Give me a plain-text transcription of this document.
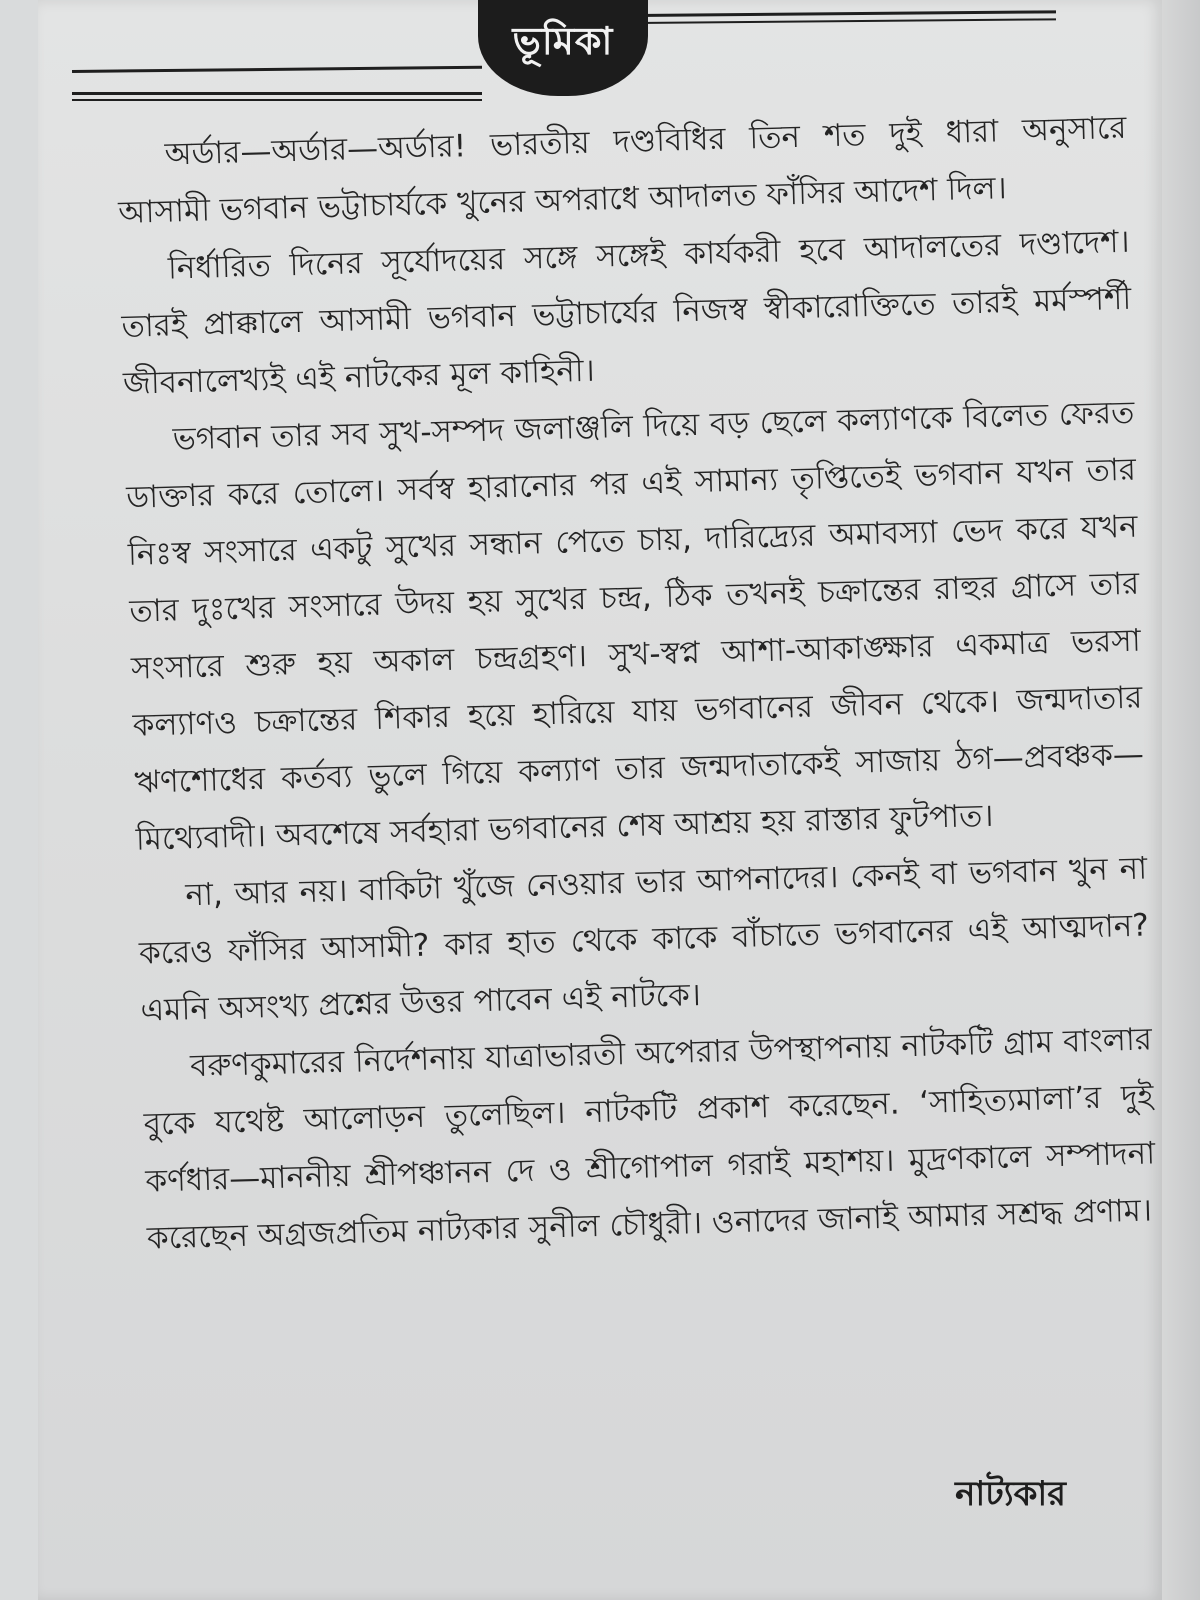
ভূমিকা

অর্ডার—অর্ডার—অর্ডার! ভারতীয় দণ্ডবিধির তিন শত দুই ধারা অনুসারে আসামী ভগবান ভট্টাচার্যকে খুনের অপরাধে আদালত ফাঁসির আদেশ দিল।

নির্ধারিত দিনের সূর্যোদয়ের সঙ্গে সঙ্গেই কার্যকরী হবে আদালতের দণ্ডাদেশ। তারই প্রাক্কালে আসামী ভগবান ভট্টাচার্যের নিজস্ব স্বীকারোক্তিতে তারই মর্মস্পর্শী জীবনালেখ্যই এই নাটকের মূল কাহিনী।

ভগবান তার সব সুখ-সম্পদ জলাঞ্জলি দিয়ে বড় ছেলে কল্যাণকে বিলেত ফেরত ডাক্তার করে তোলে। সর্বস্ব হারানোর পর এই সামান্য তৃপ্তিতেই ভগবান যখন তার নিঃস্ব সংসারে একটু সুখের সন্ধান পেতে চায়, দারিদ্র্যের অমাবস্যা ভেদ করে যখন তার দুঃখের সংসারে উদয় হয় সুখের চন্দ্র, ঠিক তখনই চক্রান্তের রাহুর গ্রাসে তার সংসারে শুরু হয় অকাল চন্দ্রগ্রহণ। সুখ-স্বপ্ন আশা-আকাঙ্ক্ষার একমাত্র ভরসা কল্যাণও চক্রান্তের শিকার হয়ে হারিয়ে যায় ভগবানের জীবন থেকে। জন্মদাতার ঋণশোধের কর্তব্য ভুলে গিয়ে কল্যাণ তার জন্মদাতাকেই সাজায় ঠগ—প্রবঞ্চক— মিথ্যেবাদী। অবশেষে সর্বহারা ভগবানের শেষ আশ্রয় হয় রাস্তার ফুটপাত।

না, আর নয়। বাকিটা খুঁজে নেওয়ার ভার আপনাদের। কেনই বা ভগবান খুন না করেও ফাঁসির আসামী? কার হাত থেকে কাকে বাঁচাতে ভগবানের এই আত্মদান? এমনি অসংখ্য প্রশ্নের উত্তর পাবেন এই নাটকে।

বরুণকুমারের নির্দেশনায় যাত্রাভারতী অপেরার উপস্থাপনায় নাটকটি গ্রাম বাংলার বুকে যথেষ্ট আলোড়ন তুলেছিল। নাটকটি প্রকাশ করেছেন. ‘সাহিত্যমালা’র দুই কর্ণধার—মাননীয় শ্রীপঞ্চানন দে ও শ্রীগোপাল গরাই মহাশয়। মুদ্রণকালে সম্পাদনা করেছেন অগ্রজপ্রতিম নাট্যকার সুনীল চৌধুরী। ওনাদের জানাই আমার সশ্রদ্ধ প্রণাম।

নাট্যকার
